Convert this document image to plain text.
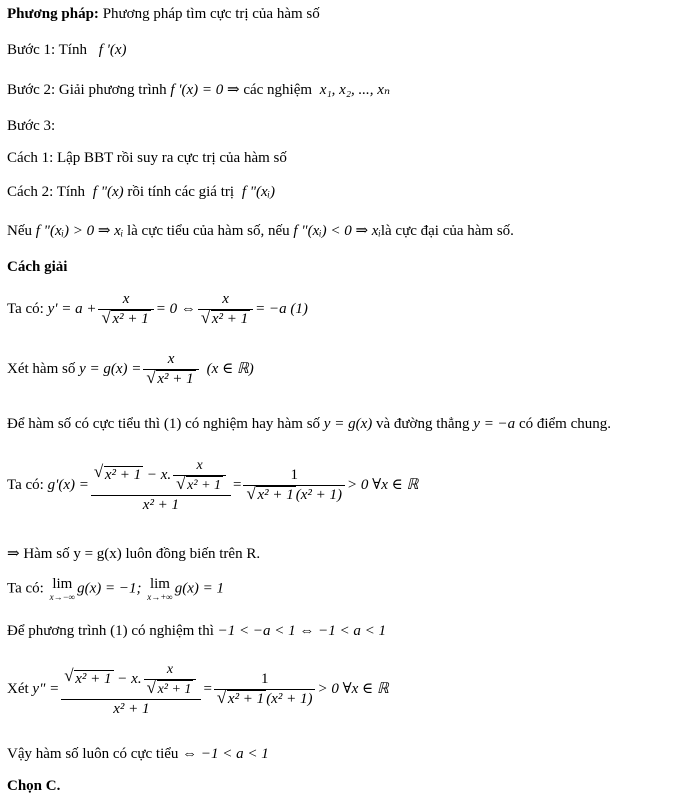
Phương pháp: Phương pháp tìm cực trị của hàm số
Bước 1: Tính f '(x)
Bước 2: Giải phương trình f '(x) = 0 ⇒ các nghiệm x₁, x₂, ..., xₙ
Bước 3:
Cách 1: Lập BBT rồi suy ra cực trị của hàm số
Cách 2: Tính f "(x) rồi tính các giá trị f "(xᵢ)
Nếu f "(xᵢ) > 0 ⇒ xᵢ là cực tiểu của hàm số, nếu f "(xᵢ) < 0 ⇒ xᵢlà cực đại của hàm số.
Cách giải
Ta có: $y' = a + \frac{x}{\text{√ x² + 1}} = 0$ ⇔ $\frac{x}{\text{√ x² + 1}} = -a$ (1)
Xét hàm số $y = g(x) = \frac{x}{\text{√ x² + 1}} (x$ ∈ ℝ)
Để hàm số có cực tiểu thì (1) có nghiệm hay hàm số y = g(x) và đường thẳng y = −a có điểm chung.
Ta có: $g'(x) = \frac{√ x^2 + 1 - x. \frac{x}{\text{√ x² + 1}}}{\text{x² + 1}} = \frac{1}{\text{√ x² + 1 (x² + 1)}} > 0$ ∀x ∈ ℝ
⇒ Hàm số y = g(x) luôn đồng biến trên R.
Ta có: lim
x→−∞
g(x) = −1; lim
x→+∞
g(x) = 1
Để phương trình (1) có nghiệm thì −1 < −a < 1 ⇔ −1 < a < 1
Xét y" = $\frac{√ x^2 + 1 - x. \frac{x}{\text{√ x² + 1}}}{\text{x² + 1}} = \frac{1}{\text{√ x² + 1 (x² + 1)}} > 0$ ∀x ∈ ℝ
Vậy hàm số luôn có cực tiểu ⇔ −1 < a < 1
Chọn C.
